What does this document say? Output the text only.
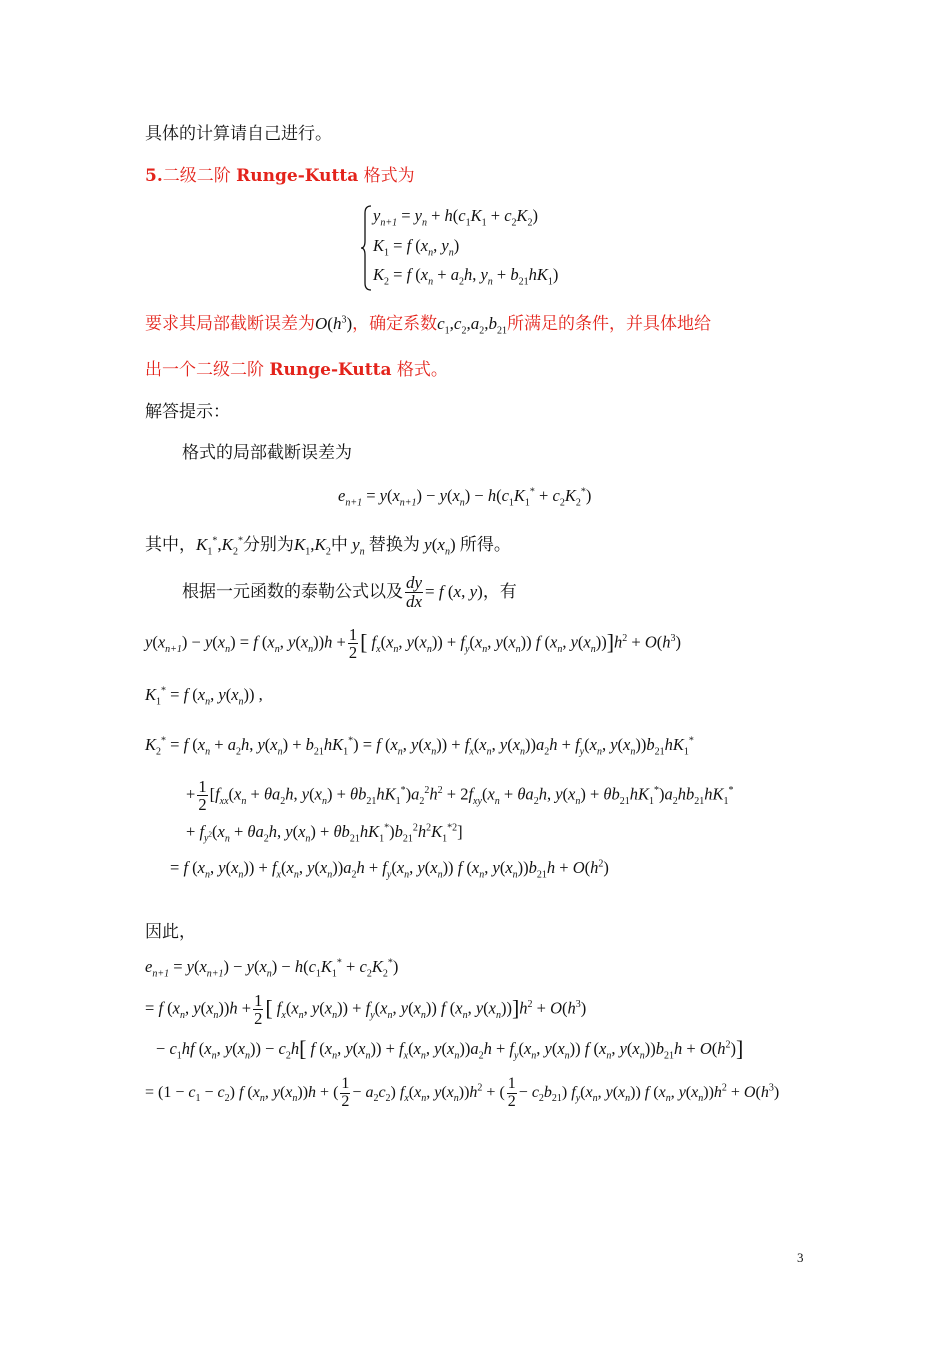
具体的计算请自己进行。
5.二级二阶 Runge-Kutta 格式为
$y_{n+1} = y_n + h(c_1K_1 + c_2K_2)$
$K_1 = f$ ($x_n$, $y_n$)
$K_2 = f$ ($x_n + a_2h$, $y_n + b_{21}hK_1$)
要求其局部截断误差为$O(h^3)$，确定系数$c_1,c_2,a_2,b_{21}$所满足的条件，并具体地给
出一个二级二阶 Runge-Kutta 格式。
解答提示：
格式的局部截断误差为
$e_{n+1} = y(x_{n+1}) - y(x_n) - h(c_1K_1^* + c_2K_2^*)$
其中，$K_1^*,K_2^*$分别为$K_1,K_2$中 $y_n$ 替换为 $y(x_n)$ 所得。
根据一元函数的泰勒公式以及 $\frac{dy}{dx} = f$ (x, y)，有
$y(x_{n+1}) - y(x_n) = f$ ($x_n$, $y(x_n))h + \frac{1}{2}$ [ $f_x(x_n$, $y(x_n)) + f_y(x_n$, $y(x_n)$) f ($x_n$, $y(x_n))]h^2 + O(h^3)$
$K_1^* = f$ ($x_n$, $y(x_n)$) ,
$K_2^* = f$ ($x_n + a_2h$, $y(x_n) + b_{21}hK_1^*) = f$ ($x_n$, $y(x_n)) + f_x(x_n$, $y(x_n))a_2h + f_y(x_n$, $y(x_n))b_{21}hK_1^*$
+ $\frac{1}{2} [f_{xx}(x_n + \theta a_2h$, $y(x_n) + \theta b_{21}hK_1^*)a_2^2h^2 + 2f_{xy}(x_n + \theta a_2h$, $y(x_n) + \theta b_{21}hK_1^*)a_2hb_{21}hK_1^*$
+ $f_{y^2}(x_n + \theta a_2h$, $y(x_n) + \theta b_{21}hK_1^*)b_{21}^2h^2K_1^{*2}$]
= f ($x_n$, $y(x_n)) + f_x(x_n$, $y(x_n))a_2h + f_y(x_n$, $y(x_n)$) f ($x_n$, $y(x_n))b_{21}h + O(h^2)$
因此，
$e_{n+1} = y(x_{n+1}) - y(x_n) - h(c_1K_1^* + c_2K_2^*)$
= f ($x_n$, $y(x_n))h + \frac{1}{2}$ [ $f_x(x_n$, $y(x_n)) + f_y(x_n$, $y(x_n)$) f ($x_n$, $y(x_n))]h^2 + O(h^3)$
− $c_1hf$ ($x_n$, $y(x_n)) - c_2h$[ f ($x_n$, $y(x_n)) + f_x(x_n$, $y(x_n))a_2h + f_y(x_n$, $y(x_n)$) f ($x_n$, $y(x_n))b_{21}h + O(h^2)$]
= $(1 - c_1 - c_2)$ f ($x_n$, $y(x_n))h$ + ( $\frac{1}{2} - a_2c_2$) $f_x(x_n$, $y(x_n))h^2$ + ( $\frac{1}{2} - c_2b_{21}$) $f_y(x_n$, $y(x_n)$) f ($x_n$, $y(x_n))h^2 + O(h^3)$
3
